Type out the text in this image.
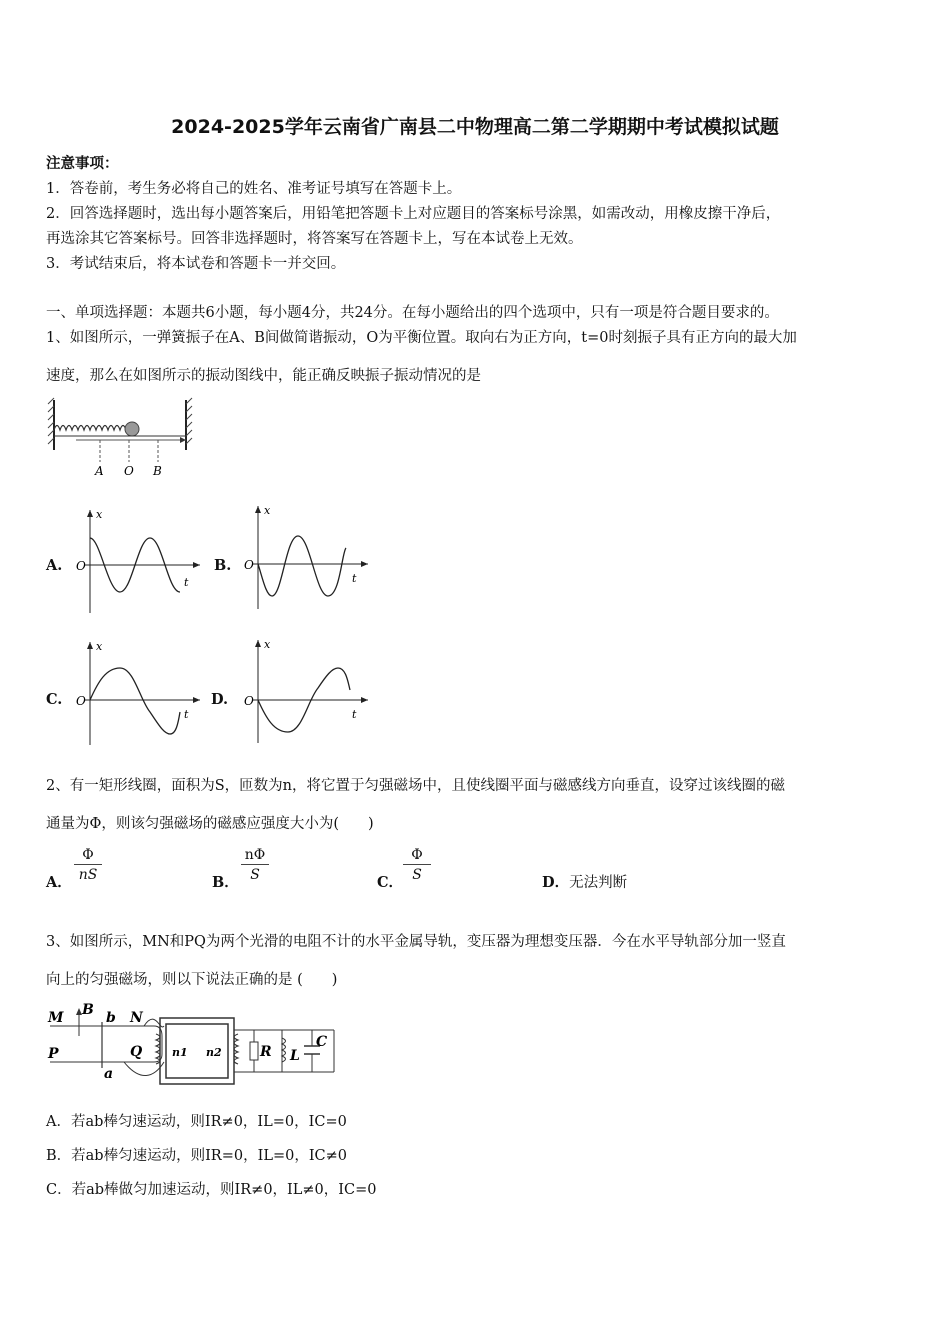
2024-2025学年云南省广南县二中物理高二第二学期期中考试模拟试题
注意事项：
1．答卷前，考生务必将自己的姓名、准考证号填写在答题卡上。
2．回答选择题时，选出每小题答案后，用铅笔把答题卡上对应题目的答案标号涂黑，如需改动，用橡皮擦干净后，
再选涂其它答案标号。回答非选择题时，将答案写在答题卡上，写在本试卷上无效。
3．考试结束后，将本试卷和答题卡一并交回。
一、单项选择题：本题共6小题，每小题4分，共24分。在每小题给出的四个选项中，只有一项是符合题目要求的。
1、如图所示，一弹簧振子在A、B间做简谐振动，O为平衡位置。取向右为正方向，t=0时刻振子具有正方向的最大加
速度，那么在如图所示的振动图线中，能正确反映振子振动情况的是
A O B
A.
x
O
t
B.
x
O
t
C.
x
O
t
D.
x
O
t
2、有一矩形线圈，面积为S，匝数为n，将它置于匀强磁场中，且使线圈平面与磁感线方向垂直，设穿过该线圈的磁
通量为Φ，则该匀强磁场的磁感应强度大小为(　　)
A．
Φ
nS	B．
nΦ
S	C．
Φ
S	D．无法判断
3、如图所示，MN和PQ为两个光滑的电阻不计的水平金属导轨，变压器为理想变压器．今在水平导轨部分加一竖直
向上的匀强磁场，则以下说法正确的是 (　　)
M B b N
Q
P
a
n1 n2	R L
C
A．若ab棒匀速运动，则IR≠0，IL=0，IC=0
B．若ab棒匀速运动，则IR=0，IL=0，IC≠0
C．若ab棒做匀加速运动，则IR≠0，IL≠0，IC=0
